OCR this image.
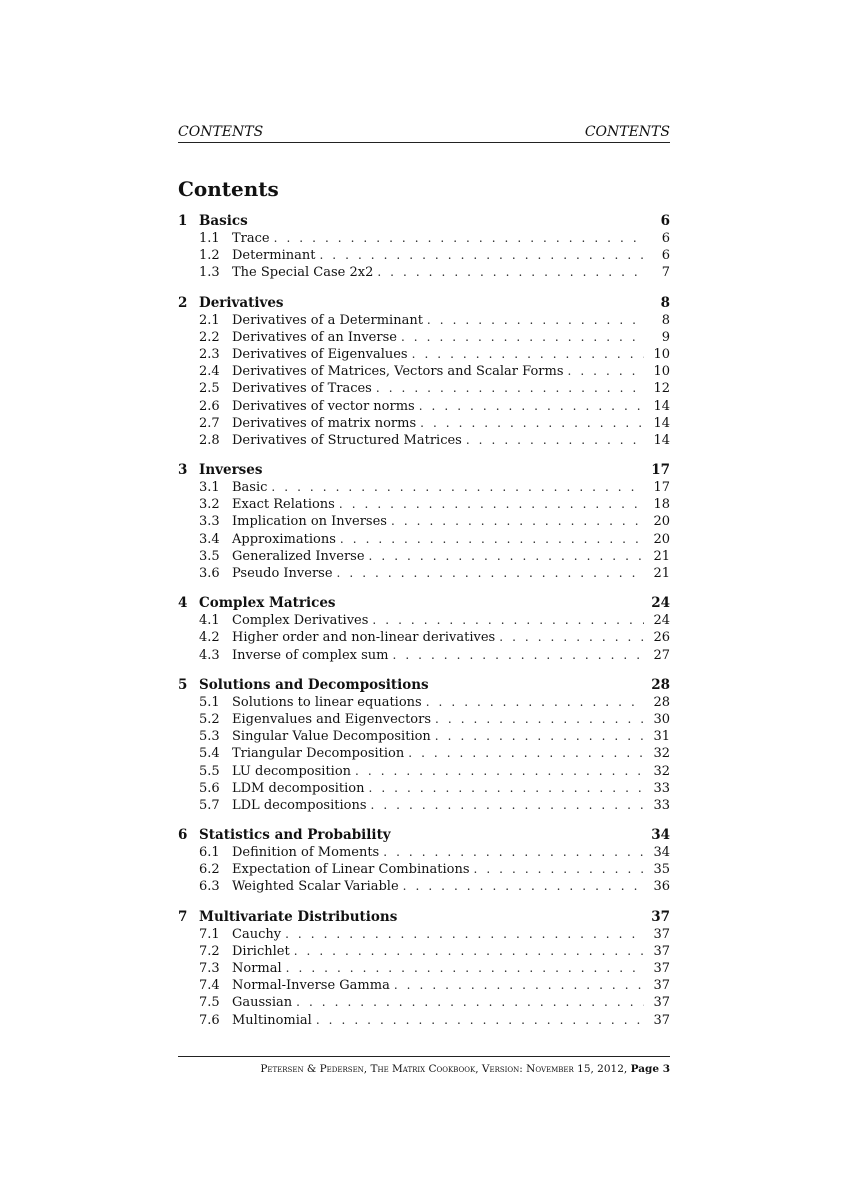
CONTENTS	CONTENTS
Contents
1 Basics	6
1.1 Trace . . .	6
1.2 Determinant . . .	6
1.3 The Special Case 2x2 . . .	7
2 Derivatives	8
2.1 Derivatives of a Determinant . . .	8
2.2 Derivatives of an Inverse . . .	9
2.3 Derivatives of Eigenvalues . . .	10
2.4 Derivatives of Matrices, Vectors and Scalar Forms . . .	10
2.5 Derivatives of Traces . . .	12
2.6 Derivatives of vector norms . . .	14
2.7 Derivatives of matrix norms . . .	14
2.8 Derivatives of Structured Matrices . . .	14
3 Inverses	17
3.1 Basic . . .	17
3.2 Exact Relations . . .	18
3.3 Implication on Inverses . . .	20
3.4 Approximations . . .	20
3.5 Generalized Inverse . . .	21
3.6 Pseudo Inverse . . .	21
4 Complex Matrices	24
4.1 Complex Derivatives . . .	24
4.2 Higher order and non-linear derivatives . . .	26
4.3 Inverse of complex sum . . .	27
5 Solutions and Decompositions	28
5.1 Solutions to linear equations . . .	28
5.2 Eigenvalues and Eigenvectors . . .	30
5.3 Singular Value Decomposition . . .	31
5.4 Triangular Decomposition . . .	32
5.5 LU decomposition . . .	32
5.6 LDM decomposition . . .	33
5.7 LDL decompositions . . .	33
6 Statistics and Probability	34
6.1 Definition of Moments . . .	34
6.2 Expectation of Linear Combinations . . .	35
6.3 Weighted Scalar Variable . . .	36
7 Multivariate Distributions	37
7.1 Cauchy . . .	37
7.2 Dirichlet . . .	37
7.3 Normal . . .	37
7.4 Normal-Inverse Gamma . . .	37
7.5 Gaussian . . .	37
7.6 Multinomial . . .	37
Petersen & Pedersen, The Matrix Cookbook, Version: November 15, 2012, Page 3
